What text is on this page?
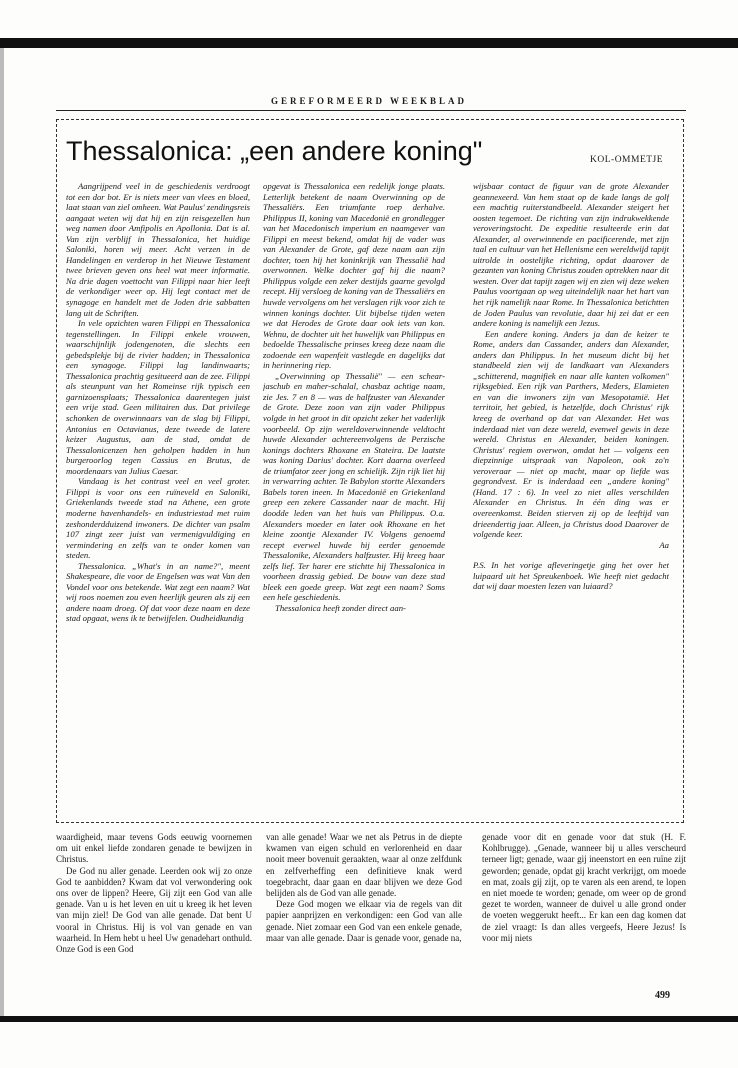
GEREFORMEERD WEEKBLAD
Thessalonica: „een andere koning"	KOL-OMMETJE

Aangrijpend veel in de geschiedenis verdroogt tot een dor bot. Er is niets meer van vlees en bloed, laat staan van ziel omheen. Wat Paulus' zendingsreis aangaat weten wij dat hij en zijn reisgezellen hun weg namen door Amfipolis en Apollonia. Dat is al. Van zijn verblijf in Thessalonica, het huidige Saloniki, horen wij meer. Acht verzen in de Handelingen en verderop in het Nieuwe Testament twee brieven geven ons heel wat meer informatie. Na drie dagen voettocht van Filippi naar hier leeft de verkondiger weer op. Hij legt contact met de synagoge en handelt met de Joden drie sabbatten lang uit de Schriften.

In vele opzichten waren Filippi en Thessalonica tegenstellingen. In Filippi enkele vrouwen, waarschijnlijk jodengenoten, die slechts een gebedsplekje bij de rivier hadden; in Thessalonica een synagoge. Filippi lag landinwaarts; Thessalonica prachtig gesitueerd aan de zee. Filippi als steunpunt van het Romeinse rijk typisch een garnizoensplaats; Thessalonica daarentegen juist een vrije stad. Geen militairen dus. Dat privilege schonken de overwinnaars van de slag bij Filippi, Antonius en Octavianus, deze tweede de latere keizer Augustus, aan de stad, omdat de Thessalonicenzen hen geholpen hadden in hun burgeroorlog tegen Cassius en Brutus, de moordenaars van Julius Caesar.

Vandaag is het contrast veel en veel groter. Filippi is voor ons een ruïneveld en Saloniki, Griekenlands tweede stad na Athene, een grote moderne havenhandels- en industriestad met ruim zeshonderdduizend inwoners. De dichter van psalm 107 zingt zeer juist van vermenigvuldiging en vermindering en zelfs van te onder komen van steden.

Thessalonica. „What's in an name?", meent Shakespeare, die voor de Engelsen was wat Van den Vondel voor ons betekende. Wat zegt een naam? Wat wij roos noemen zou even heerlijk geuren als zij een andere naam droeg. Of dat voor deze naam en deze stad opgaat, wens ik te betwijfelen. Oudheidkundig

opgevat is Thessalonica een redelijk jonge plaats. Letterlijk betekent de naam Overwinning op de Thessaliërs. Een triumfante roep derhalve. Philippus II, koning van Macedonië en grondlegger van het Macedonisch imperium en naamgever van Filippi en meest bekend, omdat hij de vader was van Alexander de Grote, gaf deze naam aan zijn dochter, toen hij het koninkrijk van Thessalië had overwonnen. Welke dochter gaf hij die naam? Philippus volgde een zeker destijds gaarne gevolgd recept. Hij versloeg de koning van de Thessaliërs en huwde vervolgens om het verslagen rijk voor zich te winnen konings dochter. Uit bijbelse tijden weten we dat Herodes de Grote daar ook iets van kon. Wehnu, de dochter uit het huwelijk van Philippus en bedoelde Thessalische prinses kreeg deze naam die zodoende een wapenfeit vastlegde en dagelijks dat in herinnering riep.

„Overwinning op Thessalië" — een schear-jaschub en maher-schalal, chasbaz achtige naam, zie Jes. 7 en 8 — was de halfzuster van Alexander de Grote. Deze zoon van zijn vader Philippus volgde in het groot in dit opzicht zeker het vaderlijk voorbeeld. Op zijn wereldoverwinnende veldtocht huwde Alexander achtereenvolgens de Perzische konings dochters Rhoxane en Stateira. De laatste was koning Darius' dochter. Kort daarna overleed de triumfator zeer jong en schielijk. Zijn rijk liet hij in verwarring achter. Te Babylon stortte Alexanders Babels toren ineen. In Macedonië en Griekenland greep een zekere Cassander naar de macht. Hij doodde leden van het huis van Philippus. O.a. Alexanders moeder en later ook Rhoxane en het kleine zoontje Alexander IV. Volgens genoemd recept everwel huwde hij eerder genoemde Thessalonike, Alexanders halfzuster. Hij kreeg haar zelfs lief. Ter harer ere stichtte hij Thessalonica in voorheen drassig gebied. De bouw van deze stad bleek een goede greep. Wat zegt een naam? Soms een hele geschiedenis.

Thessalonica heeft zonder direct aan-

wijsbaar contact de figuur van de grote Alexander geannexeerd. Van hem staat op de kade langs de golf een machtig ruiterstandbeeld. Alexander steigert het oosten tegemoet. De richting van zijn indrukwekkende veroveringstocht. De expeditie resulteerde erin dat Alexander, al overwinnende en pacificerende, met zijn taal en cultuur van het Hellenisme een wereldwijd tapijt uitrolde in oostelijke richting, opdat daarover de gezanten van koning Christus zouden optrekken naar dit westen. Over dat tapijt zagen wij en zien wij deze weken Paulus voortgaan op weg uiteindelijk naar het hart van het rijk namelijk naar Rome. In Thessalonica betichtten de Joden Paulus van revolutie, daar hij zei dat er een andere koning is namelijk een Jezus.

Een andere koning. Anders ja dan de keizer te Rome, anders dan Cassander, anders dan Alexander, anders dan Philippus. In het museum dicht bij het standbeeld zien wij de landkaart van Alexanders „schitterend, magnifiek en naar alle kanten volkomen" rijksgebied. Een rijk van Parthers, Meders, Elamieten en van die inwoners zijn van Mesopotamië. Het territoir, het gebied, is hetzelfde, doch Christus' rijk kreeg de overhand op dat van Alexander. Het was inderdaad niet van deze wereld, evenwel gewis in deze wereld. Christus en Alexander, beiden koningen. Christus' regiem overwon, omdat het — volgens een diepzinnige uitspraak van Napoleon, ook zo'n veroveraar — niet op macht, maar op liefde was gegrondvest. Er is inderdaad een „andere koning" (Hand. 17 : 6). In veel zo niet alles verschilden Alexander en Christus. In één ding was er overeenkomst. Beiden stierven zij op de leeftijd van drieendertig jaar. Alleen, ja Christus dood Daarover de volgende keer.

Aa

P.S. In het vorige afleveringetje ging het over het luipaard uit het Spreukenboek. Wie heeft niet gedacht dat wij daar moesten lezen van luiaard?

waardigheid, maar tevens Gods eeuwig voornemen om uit enkel liefde zondaren genade te bewijzen in Christus.

De God nu aller genade. Leerden ook wij zo onze God te aanbidden? Kwam dat vol verwondering ook ons over de lippen? Heere, Gij zijt een God van alle genade. Van u is het leven en uit u kreeg ik het leven van mijn ziel! De God van alle genade. Dat bent U vooral in Christus. Hij is vol van genade en van waarheid. In Hem hebt u heel Uw genadehart onthuld. Onze God is een God

van alle genade! Waar we net als Petrus in de diepte kwamen van eigen schuld en verlorenheid en daar nooit meer bovenuit geraakten, waar al onze zelfdunk en zelfverheffing een definitieve knak werd toegebracht, daar gaan en daar blijven we deze God belijden als de God van alle genade.

Deze God mogen we elkaar via de regels van dit papier aanprijzen en verkondigen: een God van alle genade. Niet zomaar een God van een enkele genade, maar van alle genade. Daar is genade voor, genade na,

genade voor dit en genade voor dat stuk (H. F. Kohlbrugge). „Genade, wanneer bij u alles verscheurd terneer ligt; genade, waar gij ineenstort en een ruïne zijt geworden; genade, opdat gij kracht verkrijgt, om moede en mat, zoals gij zijt, op te varen als een arend, te lopen en niet moede te worden; genade, om weer op de grond gezet te worden, wanneer de duivel u alle grond onder de voeten weggerukt heeft... Er kan een dag komen dat de ziel vraagt: Is dan alles vergeefs, Heere Jezus! Is voor mij niets

499
